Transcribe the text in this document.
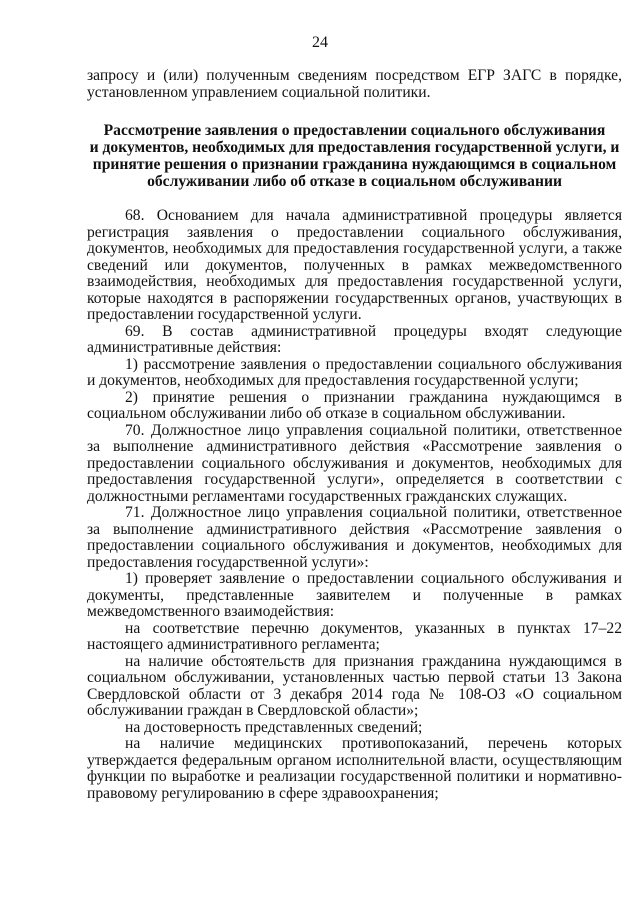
24

запросу и (или) полученным сведениям посредством ЕГР ЗАГС в порядке, установленном управлением социальной политики.

Рассмотрение заявления о предоставлении социального обслуживания
и документов, необходимых для предоставления государственной услуги, и
принятие решения о признании гражданина нуждающимся в социальном
обслуживании либо об отказе в социальном обслуживании

68. Основанием для начала административной процедуры является регистрация заявления о предоставлении социального обслуживания, документов, необходимых для предоставления государственной услуги, а также сведений или документов, полученных в рамках межведомственного взаимодействия, необходимых для предоставления государственной услуги, которые находятся в распоряжении государственных органов, участвующих в предоставлении государственной услуги.

69. В состав административной процедуры входят следующие административные действия:

1) рассмотрение заявления о предоставлении социального обслуживания и документов, необходимых для предоставления государственной услуги;

2) принятие решения о признании гражданина нуждающимся в социальном обслуживании либо об отказе в социальном обслуживании.

70. Должностное лицо управления социальной политики, ответственное за выполнение административного действия «Рассмотрение заявления о предоставлении социального обслуживания и документов, необходимых для предоставления государственной услуги», определяется в соответствии с должностными регламентами государственных гражданских служащих.

71. Должностное лицо управления социальной политики, ответственное за выполнение административного действия «Рассмотрение заявления о предоставлении социального обслуживания и документов, необходимых для предоставления государственной услуги»:

1) проверяет заявление о предоставлении социального обслуживания и документы, представленные заявителем и полученные в рамках межведомственного взаимодействия:

на соответствие перечню документов, указанных в пунктах 17–22 настоящего административного регламента;

на наличие обстоятельств для признания гражданина нуждающимся в социальном обслуживании, установленных частью первой статьи 13 Закона Свердловской области от 3 декабря 2014 года № 108-ОЗ «О социальном обслуживании граждан в Свердловской области»;

на достоверность представленных сведений;

на наличие медицинских противопоказаний, перечень которых утверждается федеральным органом исполнительной власти, осуществляющим функции по выработке и реализации государственной политики и нормативно-правовому регулированию в сфере здравоохранения;
